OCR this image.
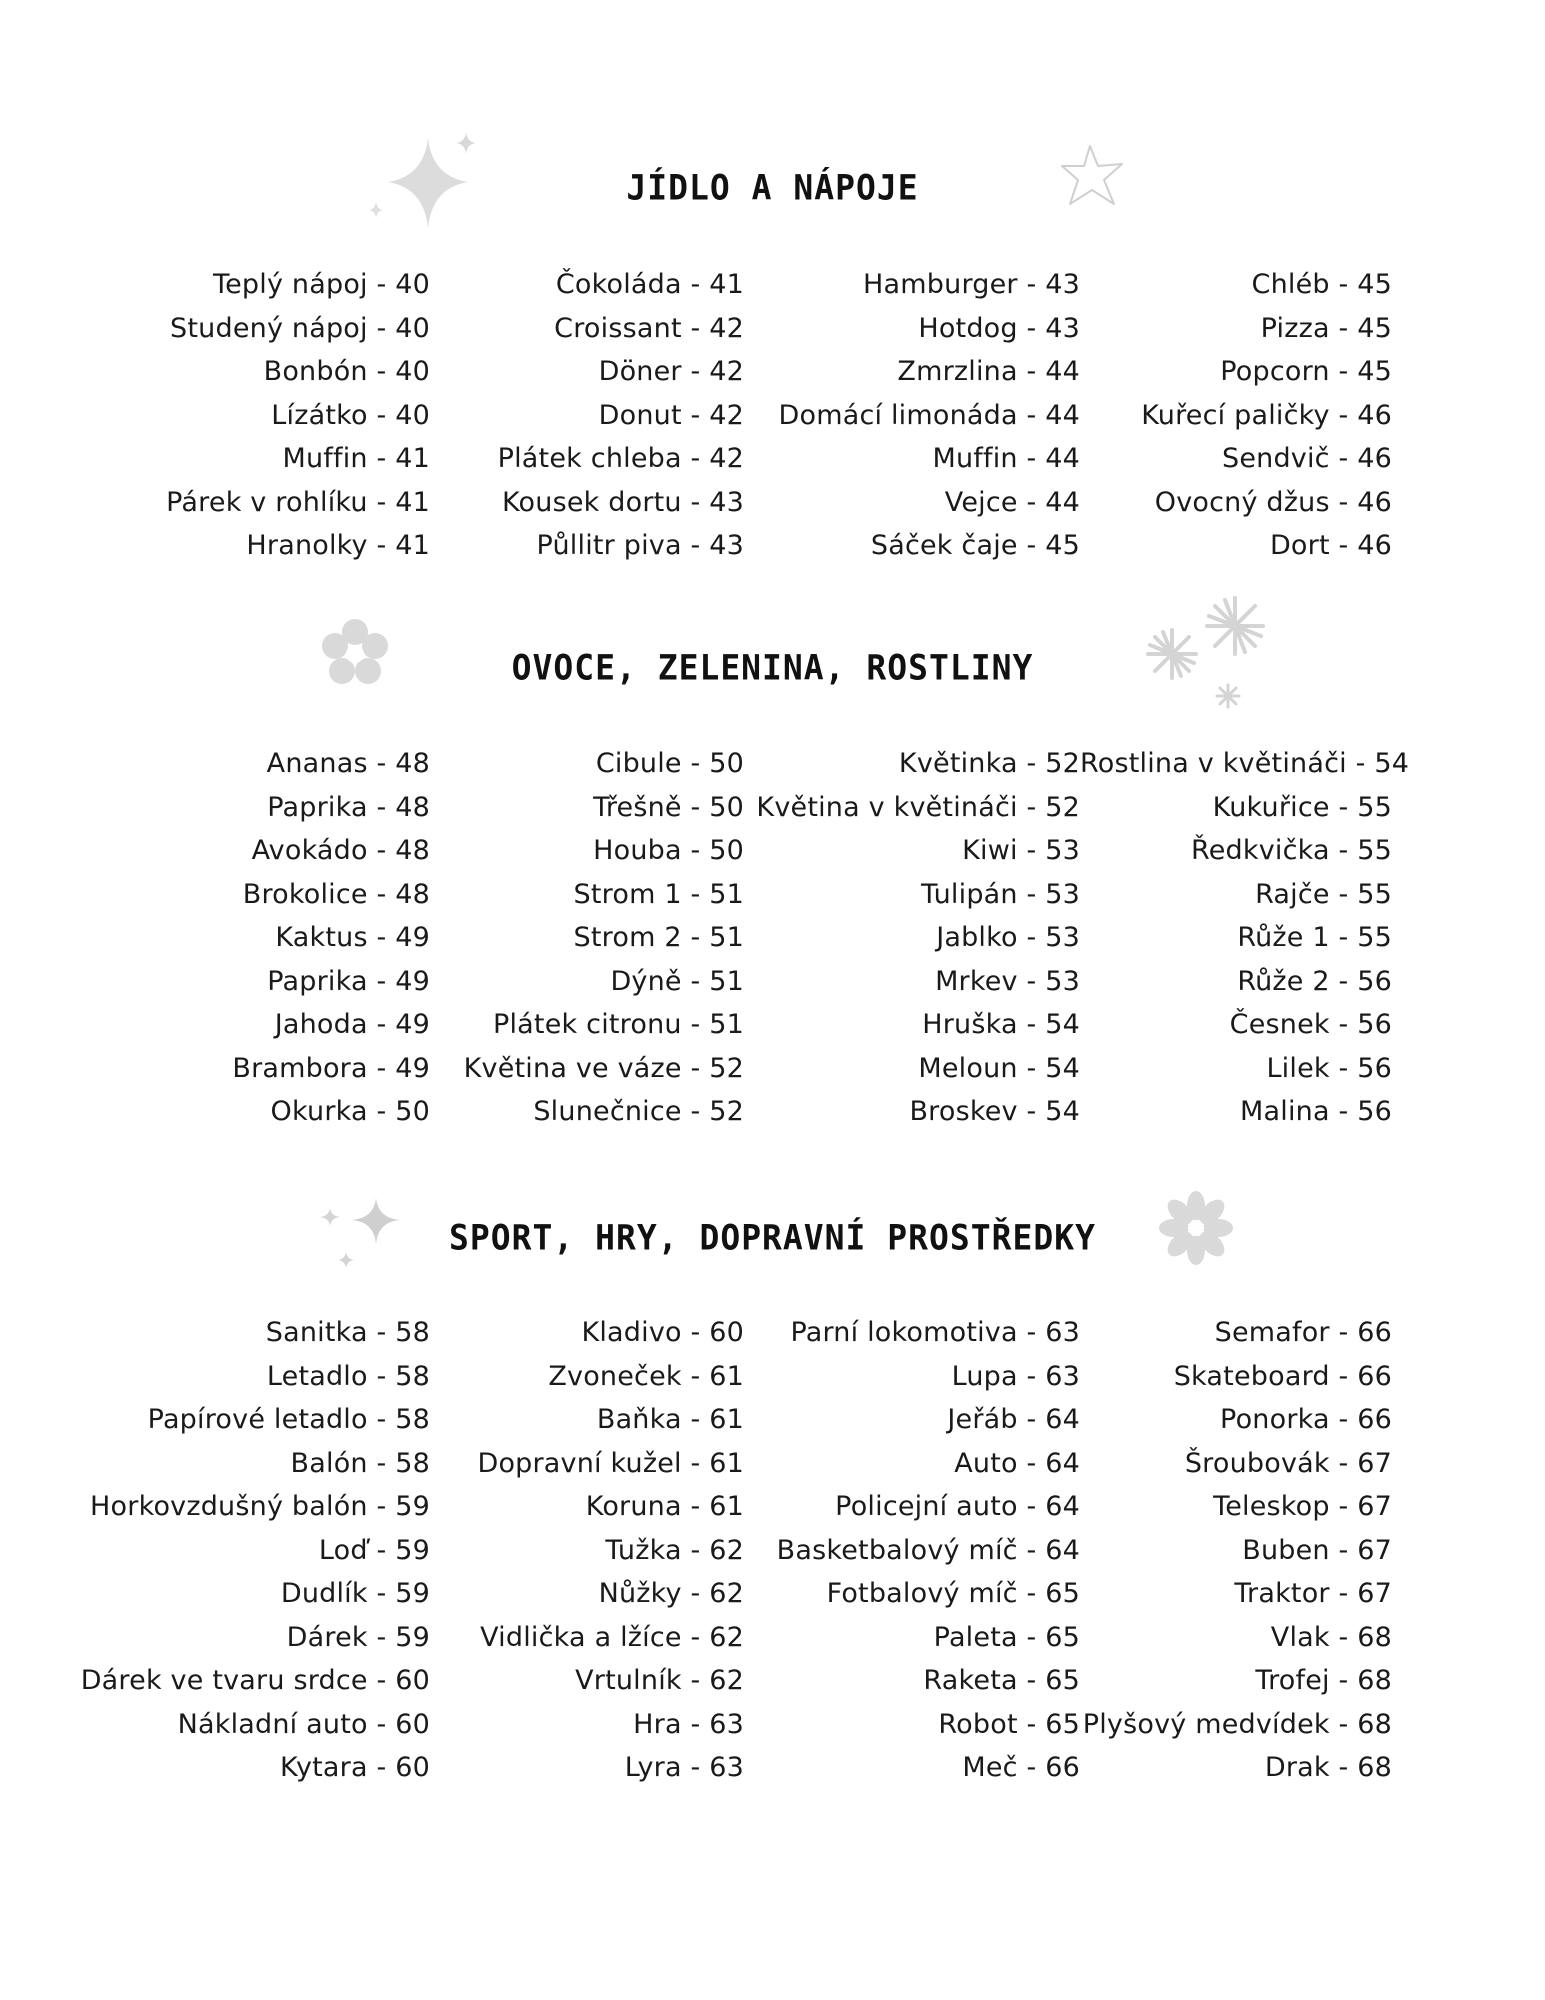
JÍDLO A NÁPOJE
Teplý nápoj - 40
Studený nápoj - 40
Bonbón - 40
Lízátko - 40
Muffin - 41
Párek v rohlíku - 41
Hranolky - 41
Čokoláda - 41
Croissant - 42
Döner - 42
Donut - 42
Plátek chleba - 42
Kousek dortu - 43
Půllitr piva - 43
Hamburger - 43
Hotdog - 43
Zmrzlina - 44
Domácí limonáda - 44
Muffin - 44
Vejce - 44
Sáček čaje - 45
Chléb - 45
Pizza - 45
Popcorn - 45
Kuřecí paličky - 46
Sendvič - 46
Ovocný džus - 46
Dort - 46
OVOCE, ZELENINA, ROSTLINY
Ananas - 48
Paprika - 48
Avokádo - 48
Brokolice - 48
Kaktus - 49
Paprika - 49
Jahoda - 49
Brambora - 49
Okurka - 50
Cibule - 50
Třešně - 50
Houba - 50
Strom 1 - 51
Strom 2 - 51
Dýně - 51
Plátek citronu - 51
Květina ve váze - 52
Slunečnice - 52
Květinka - 52
Květina v květináči - 52
Kiwi - 53
Tulipán - 53
Jablko - 53
Mrkev - 53
Hruška - 54
Meloun - 54
Broskev - 54
Rostlina v květináči - 54
Kukuřice - 55
Ředkvička - 55
Rajče - 55
Růže 1 - 55
Růže 2 - 56
Česnek - 56
Lilek - 56
Malina - 56
SPORT, HRY, DOPRAVNÍ PROSTŘEDKY
Sanitka - 58
Letadlo - 58
Papírové letadlo - 58
Balón - 58
Horkovzdušný balón - 59
Loď - 59
Dudlík - 59
Dárek - 59
Dárek ve tvaru srdce - 60
Nákladní auto - 60
Kytara - 60
Kladivo - 60
Zvoneček - 61
Baňka - 61
Dopravní kužel - 61
Koruna - 61
Tužka - 62
Nůžky - 62
Vidlička a lžíce - 62
Vrtulník - 62
Hra - 63
Lyra - 63
Parní lokomotiva - 63
Lupa - 63
Jeřáb - 64
Auto - 64
Policejní auto - 64
Basketbalový míč - 64
Fotbalový míč - 65
Paleta - 65
Raketa - 65
Robot - 65
Meč - 66
Semafor - 66
Skateboard - 66
Ponorka - 66
Šroubovák - 67
Teleskop - 67
Buben - 67
Traktor - 67
Vlak - 68
Trofej - 68
Plyšový medvídek - 68
Drak - 68
